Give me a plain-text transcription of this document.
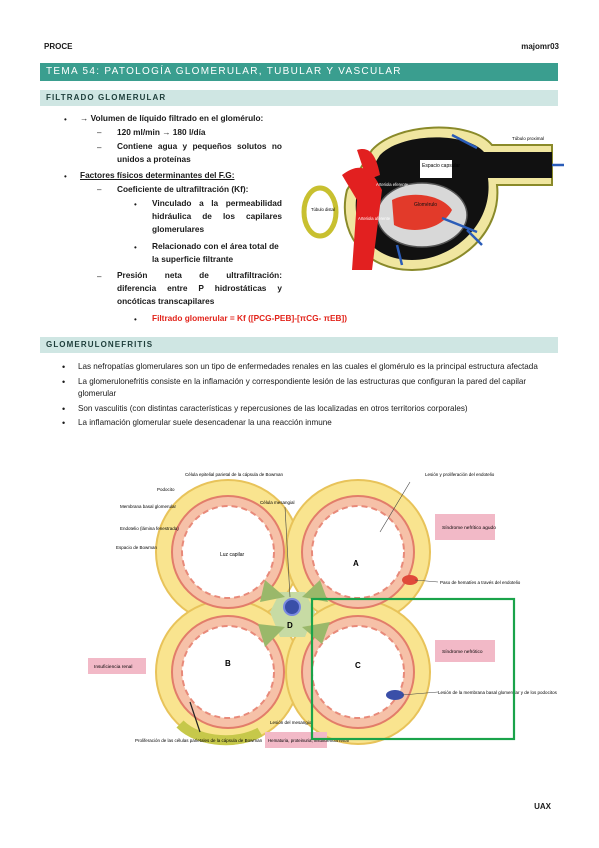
PROCE	majomr03
TEMA 54: PATOLOGÍA GLOMERULAR, TUBULAR Y VASCULAR
FILTRADO GLOMERULAR
• → Volumen de líquido filtrado en el glomérulo:
– 120 ml/min → 180 l/día
– Contiene agua y pequeños solutos no
unidos a proteínas
• Factores físicos determinantes del F.G:
– Coeficiente de ultrafiltración (Kf):
• Vinculado a la permeabilidad
hidráulica de los capilares
glomerulares
• Relacionado con el área total de
la superficie filtrante
– Presión neta de ultrafiltración:
diferencia entre P hidrostáticas y
oncóticas transcapilares
• Filtrado glomerular = Kf ([PCG-PEB]-[πCG- πEB])
Espacio capsular
Túbulo proximal
Túbulo distal
Arteriola eferente
Arteriola aferente
Glomérulo
GLOMERULONEFRITIS
• Las nefropatías glomerulares son un tipo de enfermedades renales en las cuales el glomérulo es la principal estructura afectada
• La glomerulonefritis consiste en la inflamación y correspondiente lesión de las estructuras que configuran la pared del capilar glomerular
• Son vasculitis (con distintas características y repercusiones de las localizadas en otros territorios corporales)
• La inflamación glomerular suele desencadenar la una reacción inmune
A
B	C
D
Luz capilar
Célula epitelial parietal de la cápsula de Bowman
Podocito
Membrana basal glomerular
Endotelio (lámina fenestrada)
Espacio de Bowman
Célula mesangial
Lesión y proliferación del endotelio
Paso de hematíes a través del endotelio
Lesión de la membrana basal glomerular y de los podocitos
Lesión del mesangio
Proliferación de las células parietales de la cápsula de Bowman
Síndrome nefrítico agudo
Síndrome nefrótico
Insuficiencia renal
Hematuria, proteinuria, insuficiencia renal
UAX
